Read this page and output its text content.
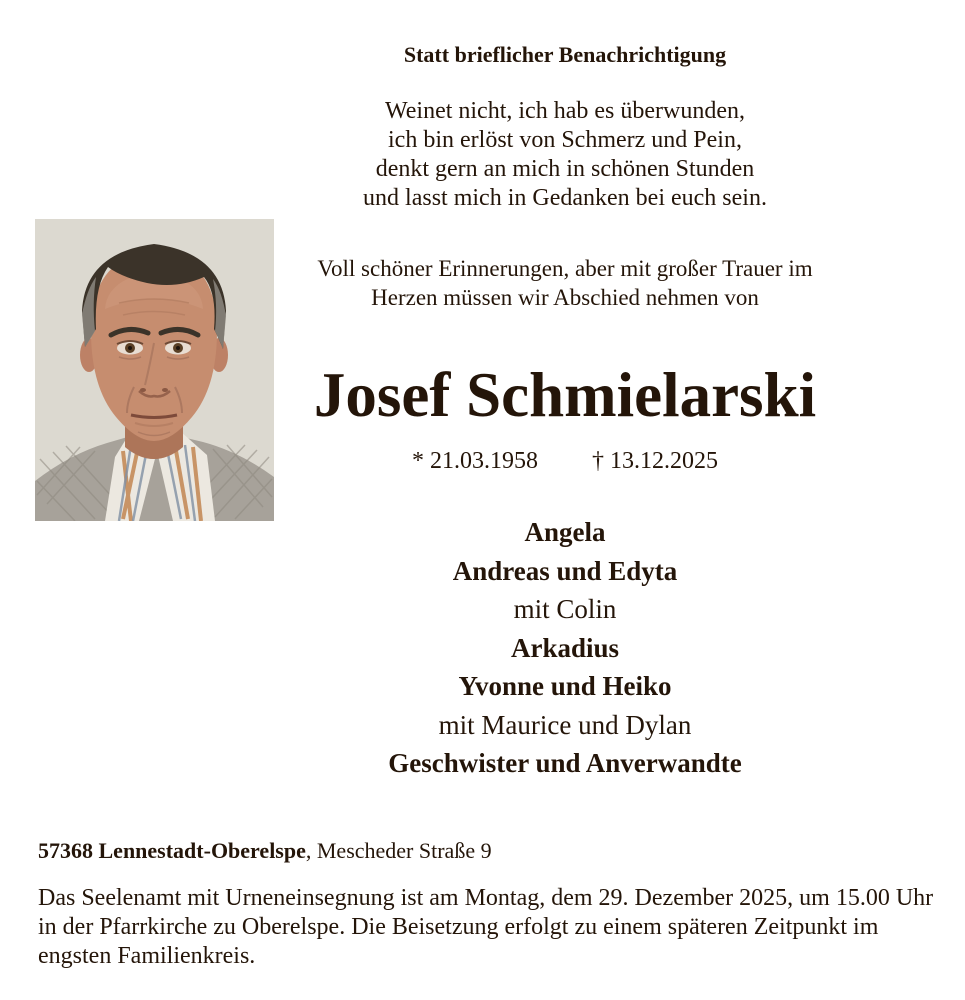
Statt brieflicher Benachrichtigung
Weinet nicht, ich hab es überwunden,
ich bin erlöst von Schmerz und Pein,
denkt gern an mich in schönen Stunden
und lasst mich in Gedanken bei euch sein.
Voll schöner Erinnerungen, aber mit großer Trauer im
Herzen müssen wir Abschied nehmen von
Josef Schmielarski
* 21.03.1958 † 13.12.2025
Angela
Andreas und Edyta
mit Colin
Arkadius
Yvonne und Heiko
mit Maurice und Dylan
Geschwister und Anverwandte
57368 Lennestadt-Oberelspe, Mescheder Straße 9
Das Seelenamt mit Urneneinsegnung ist am Montag, dem 29. Dezember 2025, um 15.00 Uhr in der Pfarrkirche zu Oberelspe. Die Beisetzung erfolgt zu einem späteren Zeitpunkt im engsten Familienkreis.
